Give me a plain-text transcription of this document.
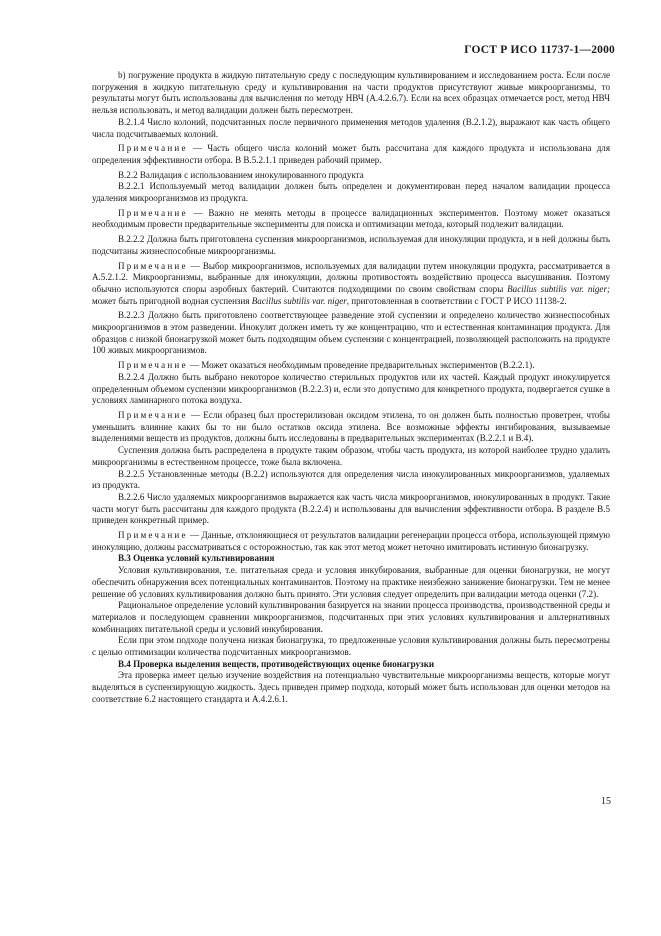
ГОСТ Р ИСО 11737-1—2000

b) погружение продукта в жидкую питательную среду с последующим культивированием и исследованием роста. Если после погружения в жидкую питательную среду и культивирования на части продуктов присутствуют живые микроорганизмы, то результаты могут быть использованы для вычисления по методу НВЧ (А.4.2.6.7). Если на всех образцах отмечается рост, метод НВЧ нельзя использовать, и метод валидации должен быть пересмотрен.

В.2.1.4 Число колоний, подсчитанных после первичного применения методов удаления (В.2.1.2), выражают как часть общего числа подсчитываемых колоний.

Примечание — Часть общего числа колоний может быть рассчитана для каждого продукта и использована для определения эффективности отбора. В В.5.2.1.1 приведен рабочий пример.

В.2.2 Валидация с использованием инокулированного продукта

В.2.2.1 Используемый метод валидации должен быть определен и документирован перед началом валидации процесса удаления микроорганизмов из продукта.

Примечание — Важно не менять методы в процессе валидационных экспериментов. Поэтому может оказаться необходимым провести предварительные эксперименты для поиска и оптимизации метода, который подлежит валидации.

В.2.2.2 Должна быть приготовлена суспензия микроорганизмов, используемая для инокуляции продукта, и в ней должны быть подсчитаны жизнеспособные микроорганизмы.

Примечание — Выбор микроорганизмов, используемых для валидации путем инокуляции продукта, рассматривается в А.5.2.1.2. Микроорганизмы, выбранные для инокуляции, должны противостоять воздействию процесса высушивания. Поэтому обычно используются споры аэробных бактерий. Считаются подходящими по своим свойствам споры Bacillus subtilis var. niger; может быть пригодной водная суспензия Bacillus subtilis var. niger, приготовленная в соответствии с ГОСТ Р ИСО 11138-2.

В.2.2.3 Должно быть приготовлено соответствующее разведение этой суспензии и определено количество жизнеспособных микроорганизмов в этом разведении. Инокулят должен иметь ту же концентрацию, что и естественная контаминация продукта. Для образцов с низкой бионагрузкой может быть подходящим объем суспензии с концентрацией, позволяющей расположить на продукте 100 живых микроорганизмов.

Примечание — Может оказаться необходимым проведение предварительных экспериментов (В.2.2.1).

В.2.2.4 Должно быть выбрано некоторое количество стерильных продуктов или их частей. Каждый продукт инокулируется определенным объемом суспензии микроорганизмов (В.2.2.3) и, если это допустимо для конкретного продукта, подвергается сушке в условиях ламинарного потока воздуха.

Примечание — Если образец был простерилизован оксидом этилена, то он должен быть полностью проветрен, чтобы уменьшить влияние каких бы то ни было остатков оксида этилена. Все возможные эффекты ингибирования, вызываемые выделениями веществ из продуктов, должны быть исследованы в предварительных экспериментах (В.2.2.1 и В.4).

Суспензия должна быть распределена в продукте таким образом, чтобы часть продукта, из которой наиболее трудно удалить микроорганизмы в естественном процессе, тоже была включена.

В.2.2.5 Установленные методы (В.2.2) используются для определения числа инокулированных микроорганизмов, удаляемых из продукта.

В.2.2.6 Число удаляемых микроорганизмов выражается как часть числа микроорганизмов, инокулированных в продукт. Такие части могут быть рассчитаны для каждого продукта (В.2.2.4) и использованы для вычисления эффективности отбора. В разделе В.5 приведен конкретный пример.

Примечание — Данные, отклоняющиеся от результатов валидации регенерации процесса отбора, использующей прямую инокуляцию, должны рассматриваться с осторожностью, так как этот метод может неточно имитировать истинную бионагрузку.

В.3 Оценка условий культивирования

Условия культивирования, т.е. питательная среда и условия инкубирования, выбранные для оценки бионагрузки, не могут обеспечить обнаружения всех потенциальных контаминантов. Поэтому на практике неизбежно занижение бионагрузки. Тем не менее решение об условиях культивирования должно быть принято. Эти условия следует определить при валидации метода оценки (7.2).

Рациональное определение условий культивирования базируется на знании процесса производства, производственной среды и материалов и последующем сравнении микроорганизмов, подсчитанных при этих условиях культивирования и альтернативных комбинациях питательной среды и условий инкубирования.

Если при этом подходе получена низкая бионагрузка, то предложенные условия культивирования должны быть пересмотрены с целью оптимизации количества подсчитанных микроорганизмов.

В.4 Проверка выделения веществ, противодействующих оценке бионагрузки

Эта проверка имеет целью изучение воздействия на потенциально чувствительные микроорганизмы веществ, которые могут выделяться в суспензирующую жидкость. Здесь приведен пример подхода, который может быть использован для оценки методов на соответствие 6.2 настоящего стандарта и А.4.2.6.1.

15
